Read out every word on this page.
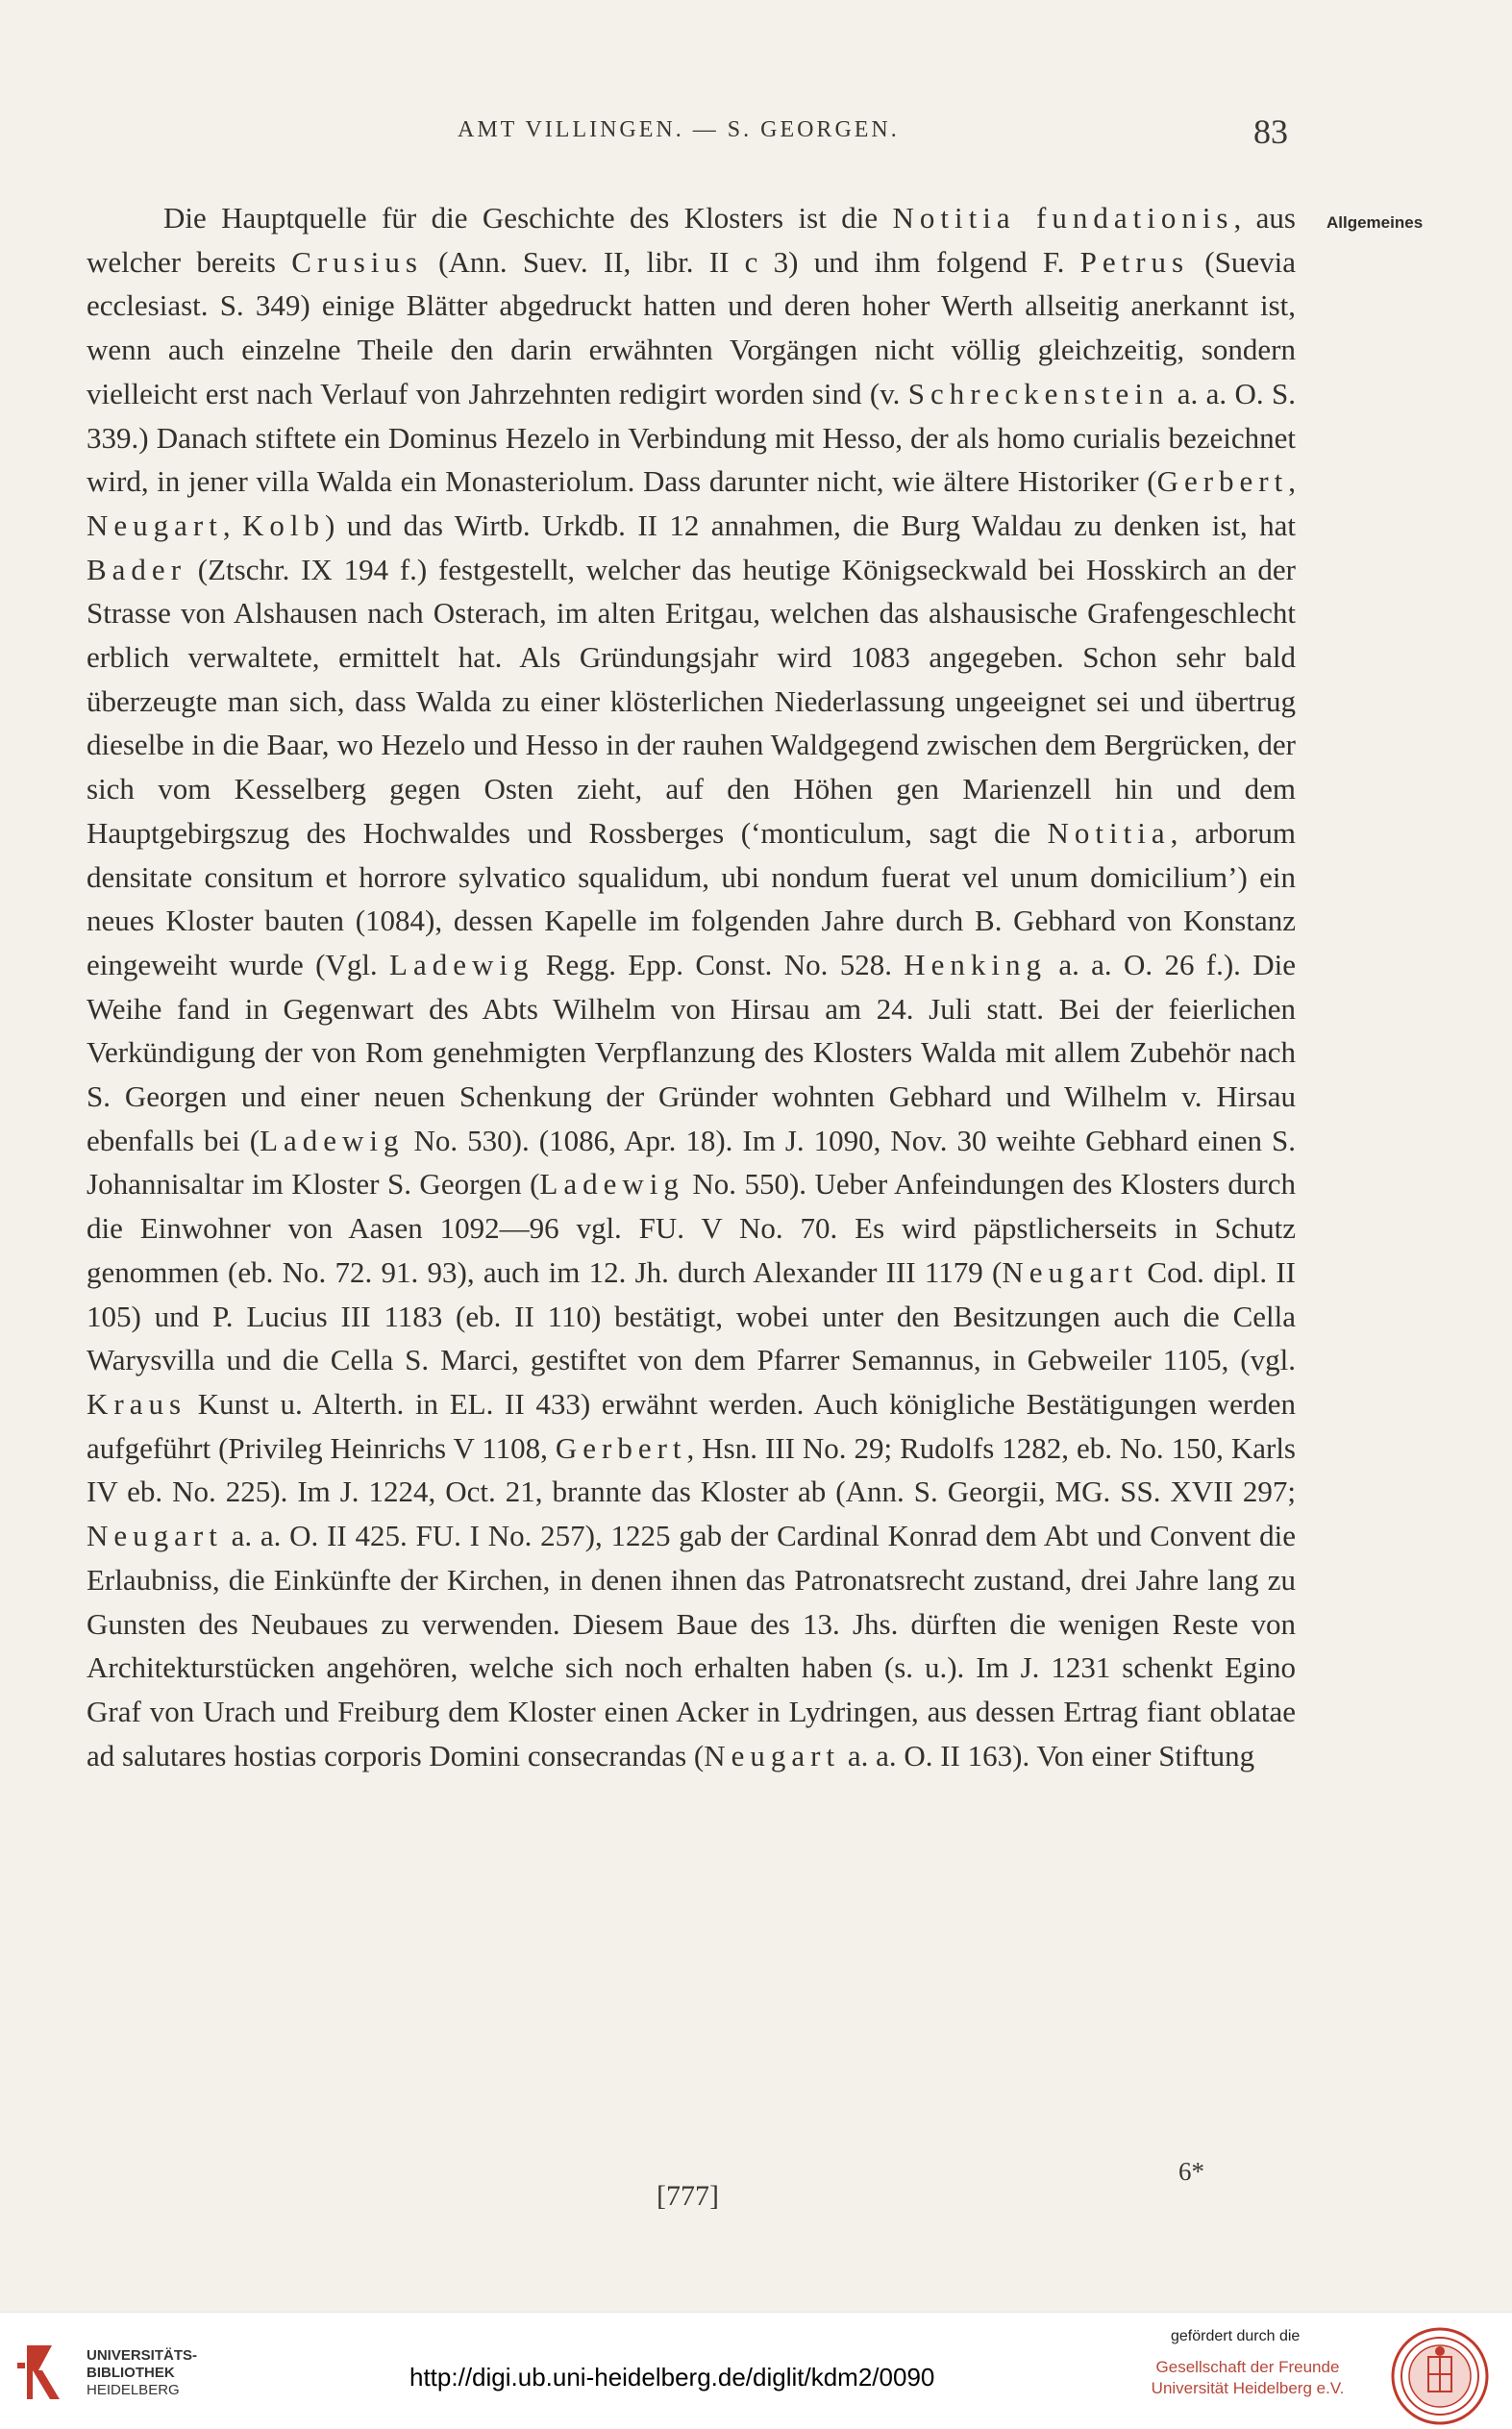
AMT VILLINGEN. — S. GEORGEN.	83
Allgemeines

Die Hauptquelle für die Geschichte des Klosters ist die Notitia fundationis, aus welcher bereits Crusius (Ann. Suev. II, libr. II c 3) und ihm folgend F. Petrus (Suevia ecclesiast. S. 349) einige Blätter abgedruckt hatten und deren hoher Werth allseitig anerkannt ist, wenn auch einzelne Theile den darin erwähnten Vorgängen nicht völlig gleichzeitig, sondern vielleicht erst nach Verlauf von Jahrzehnten redigirt worden sind (v. Schreckenstein a. a. O. S. 339.) Danach stiftete ein Dominus Hezelo in Verbindung mit Hesso, der als homo curialis bezeichnet wird, in jener villa Walda ein Monasteriolum. Dass darunter nicht, wie ältere Historiker (Gerbert, Neugart, Kolb) und das Wirtb. Urkdb. II 12 annahmen, die Burg Waldau zu denken ist, hat Bader (Ztschr. IX 194 f.) festgestellt, welcher das heutige Königseckwald bei Hosskirch an der Strasse von Alshausen nach Osterach, im alten Eritgau, welchen das alshausische Grafengeschlecht erblich verwaltete, ermittelt hat. Als Gründungsjahr wird 1083 angegeben. Schon sehr bald überzeugte man sich, dass Walda zu einer klösterlichen Niederlassung ungeeignet sei und übertrug dieselbe in die Baar, wo Hezelo und Hesso in der rauhen Waldgegend zwischen dem Bergrücken, der sich vom Kesselberg gegen Osten zieht, auf den Höhen gen Marienzell hin und dem Hauptgebirgszug des Hochwaldes und Rossberges (‘monticulum, sagt die Notitia, arborum densitate consitum et horrore sylvatico squalidum, ubi nondum fuerat vel unum domicilium’) ein neues Kloster bauten (1084), dessen Kapelle im folgenden Jahre durch B. Gebhard von Konstanz eingeweiht wurde (Vgl. Ladewig Regg. Epp. Const. No. 528. Henking a. a. O. 26 f.). Die Weihe fand in Gegenwart des Abts Wilhelm von Hirsau am 24. Juli statt. Bei der feierlichen Verkündigung der von Rom genehmigten Verpflanzung des Klosters Walda mit allem Zubehör nach S. Georgen und einer neuen Schenkung der Gründer wohnten Gebhard und Wilhelm v. Hirsau ebenfalls bei (Ladewig No. 530). (1086, Apr. 18). Im J. 1090, Nov. 30 weihte Gebhard einen S. Johannisaltar im Kloster S. Georgen (Ladewig No. 550). Ueber Anfeindungen des Klosters durch die Einwohner von Aasen 1092—96 vgl. FU. V No. 70. Es wird päpstlicherseits in Schutz genommen (eb. No. 72. 91. 93), auch im 12. Jh. durch Alexander III 1179 (Neugart Cod. dipl. II 105) und P. Lucius III 1183 (eb. II 110) bestätigt, wobei unter den Besitzungen auch die Cella Warysvilla und die Cella S. Marci, gestiftet von dem Pfarrer Semannus, in Gebweiler 1105, (vgl. Kraus Kunst u. Alterth. in EL. II 433) erwähnt werden. Auch königliche Bestätigungen werden aufgeführt (Privileg Heinrichs V 1108, Gerbert, Hsn. III No. 29; Rudolfs 1282, eb. No. 150, Karls IV eb. No. 225). Im J. 1224, Oct. 21, brannte das Kloster ab (Ann. S. Georgii, MG. SS. XVII 297; Neugart a. a. O. II 425. FU. I No. 257), 1225 gab der Cardinal Konrad dem Abt und Convent die Erlaubniss, die Einkünfte der Kirchen, in denen ihnen das Patronatsrecht zustand, drei Jahre lang zu Gunsten des Neubaues zu verwenden. Diesem Baue des 13. Jhs. dürften die wenigen Reste von Architekturstücken angehören, welche sich noch erhalten haben (s. u.). Im J. 1231 schenkt Egino Graf von Urach und Freiburg dem Kloster einen Acker in Lydringen, aus dessen Ertrag fiant oblatae ad salutares hostias corporis Domini consecrandas (Neugart a. a. O. II 163). Von einer Stiftung

6*
[777]
UNIVERSITÄTS-
BIBLIOTHEK
HEIDELBERG	http://digi.ub.uni-heidelberg.de/diglit/kdm2/0090
gefördert durch die
Gesellschaft der Freunde
Universität Heidelberg e.V.
